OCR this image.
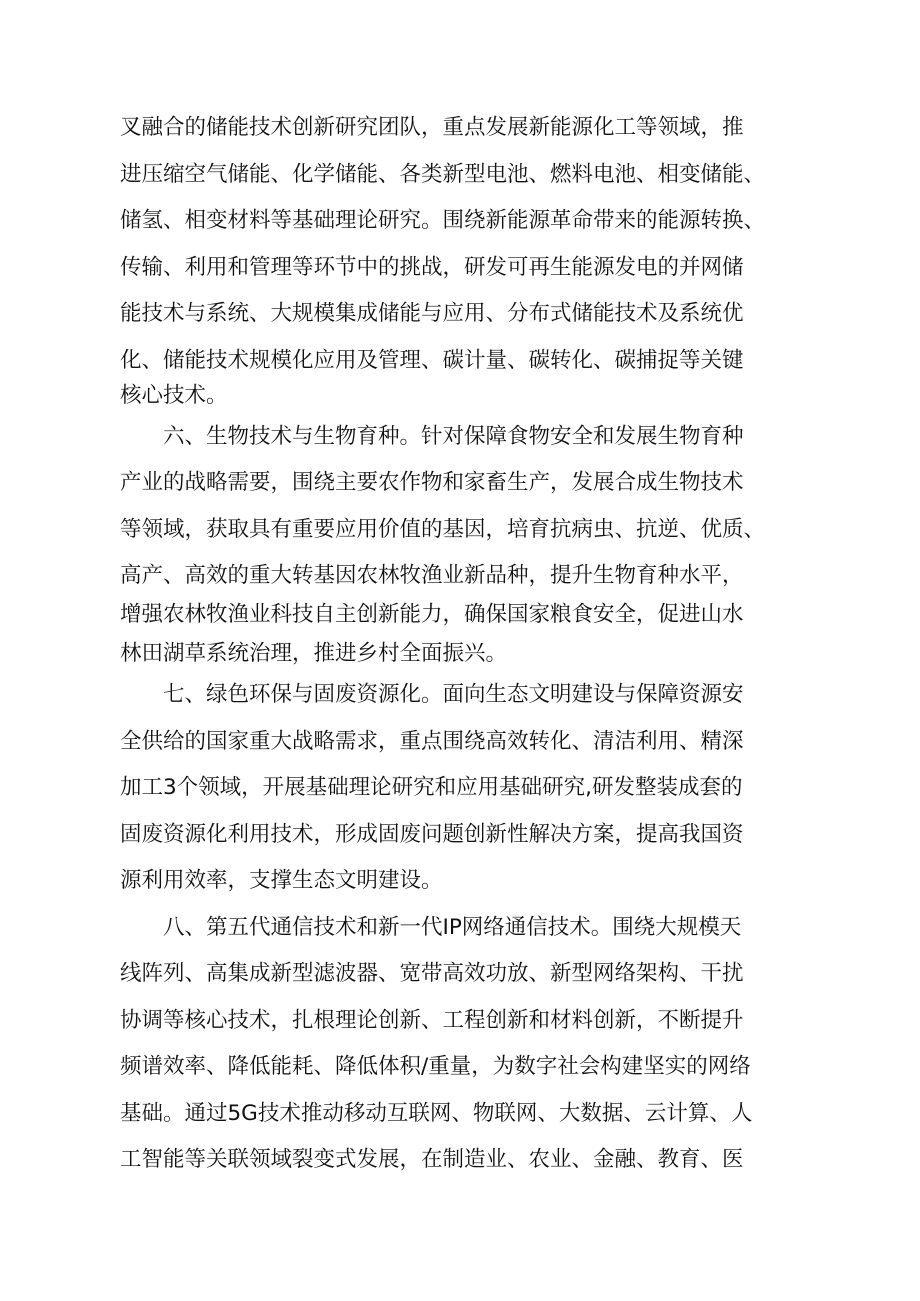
叉融合的储能技术创新研究团队，重点发展新能源化工等领域，推
进压缩空气储能、化学储能、各类新型电池、燃料电池、相变储能、
储氢、相变材料等基础理论研究。围绕新能源革命带来的能源转换、
传输、利用和管理等环节中的挑战，研发可再生能源发电的并网储
能技术与系统、大规模集成储能与应用、分布式储能技术及系统优
化、储能技术规模化应用及管理、碳计量、碳转化、碳捕捉等关键
核心技术。
六、生物技术与生物育种。针对保障食物安全和发展生物育种
产业的战略需要，围绕主要农作物和家畜生产，发展合成生物技术
等领域，获取具有重要应用价值的基因，培育抗病虫、抗逆、优质、
高产、高效的重大转基因农林牧渔业新品种，提升生物育种水平，
增强农林牧渔业科技自主创新能力，确保国家粮食安全，促进山水
林田湖草系统治理，推进乡村全面振兴。
七、绿色环保与固废资源化。面向生态文明建设与保障资源安
全供给的国家重大战略需求，重点围绕高效转化、清洁利用、精深
加工3个领域，开展基础理论研究和应用基础研究,研发整装成套的
固废资源化利用技术，形成固废问题创新性解决方案，提高我国资
源利用效率，支撑生态文明建设。
八、第五代通信技术和新一代IP网络通信技术。围绕大规模天
线阵列、高集成新型滤波器、宽带高效功放、新型网络架构、干扰
协调等核心技术，扎根理论创新、工程创新和材料创新，不断提升
频谱效率、降低能耗、降低体积/重量，为数字社会构建坚实的网络
基础。通过5G技术推动移动互联网、物联网、大数据、云计算、人
工智能等关联领域裂变式发展，在制造业、农业、金融、教育、医
